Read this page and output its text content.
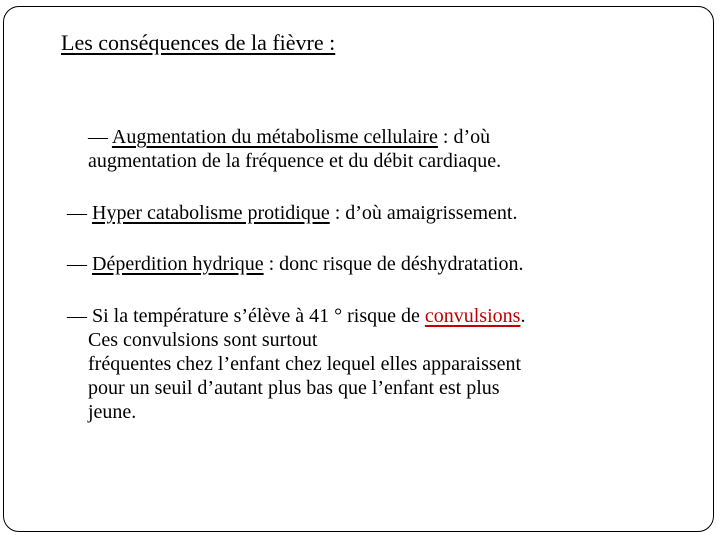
Les conséquences de la fièvre :
— Augmentation du métabolisme cellulaire : d’où
augmentation de la fréquence et du débit cardiaque.
— Hyper catabolisme protidique : d’où amaigrissement.
— Déperdition hydrique : donc risque de déshydratation.
— Si la température s’élève à 41 ° risque de convulsions.
Ces convulsions sont surtout
fréquentes chez l’enfant chez lequel elles apparaissent
pour un seuil d’autant plus bas que l’enfant est plus
jeune.
